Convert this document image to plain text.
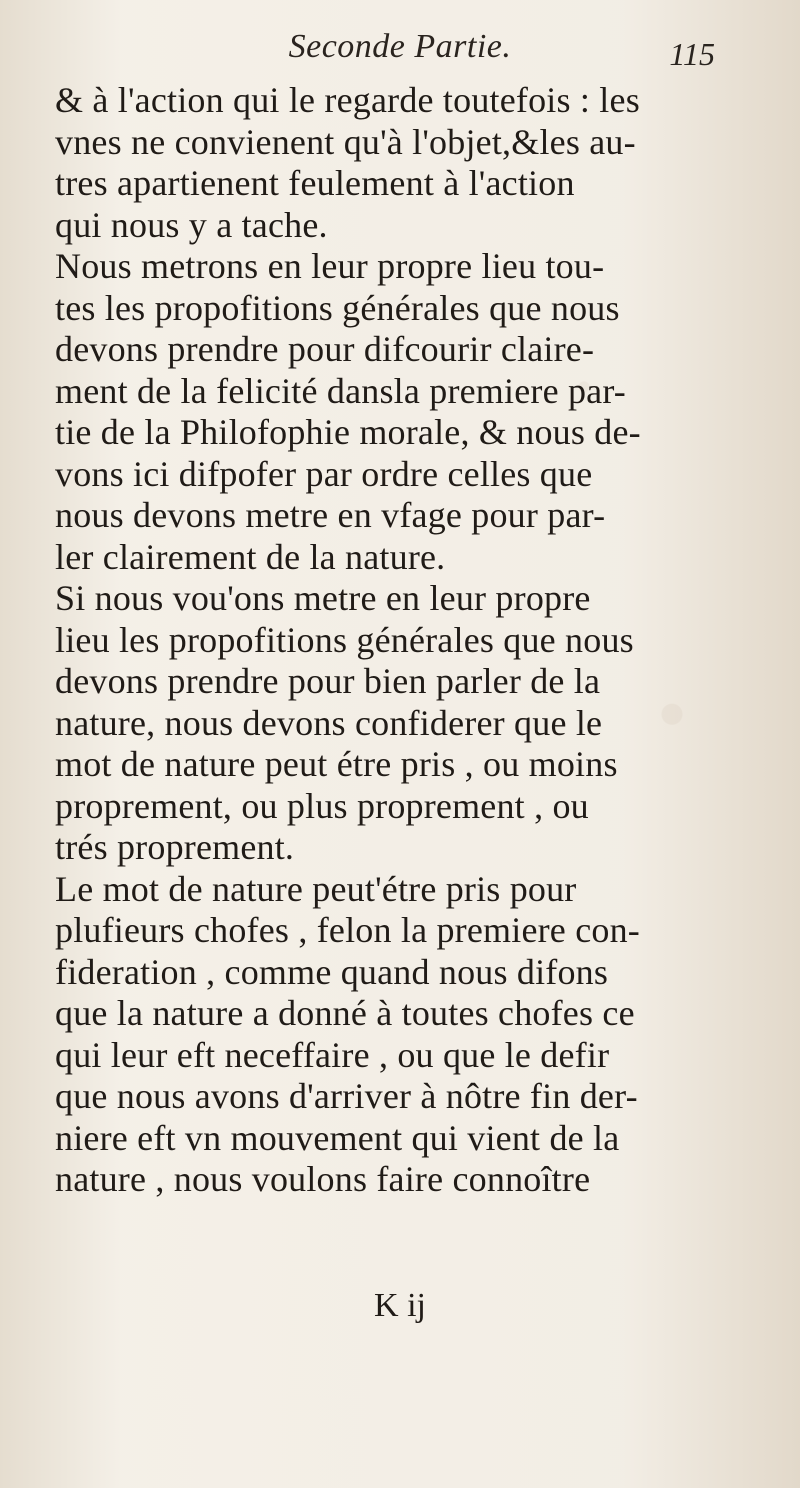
Seconde Partie.	115
& à l'action qui le regarde toutefois : les
vnes ne convienent qu'à l'objet,&les au-
tres apartienent feulement à l'action
qui nous y a tache.
Nous metrons en leur propre lieu tou-
tes les propofitions générales que nous
devons prendre pour difcourir claire-
ment de la felicité dansla premiere par-
tie de la Philofophie morale, & nous de-
vons ici difpofer par ordre celles que
nous devons metre en vfage pour par-
ler clairement de la nature.
Si nous vou'ons metre en leur propre
lieu les propofitions générales que nous
devons prendre pour bien parler de la
nature, nous devons confiderer que le
mot de nature peut étre pris , ou moins
proprement, ou plus proprement , ou
trés proprement.
Le mot de nature peut'étre pris pour
plufieurs chofes , felon la premiere con-
fideration , comme quand nous difons
que la nature a donné à toutes chofes ce
qui leur eft neceffaire , ou que le defir
que nous avons d'arriver à nôtre fin der-
niere eft vn mouvement qui vient de la
nature , nous voulons faire connoître
K ij
